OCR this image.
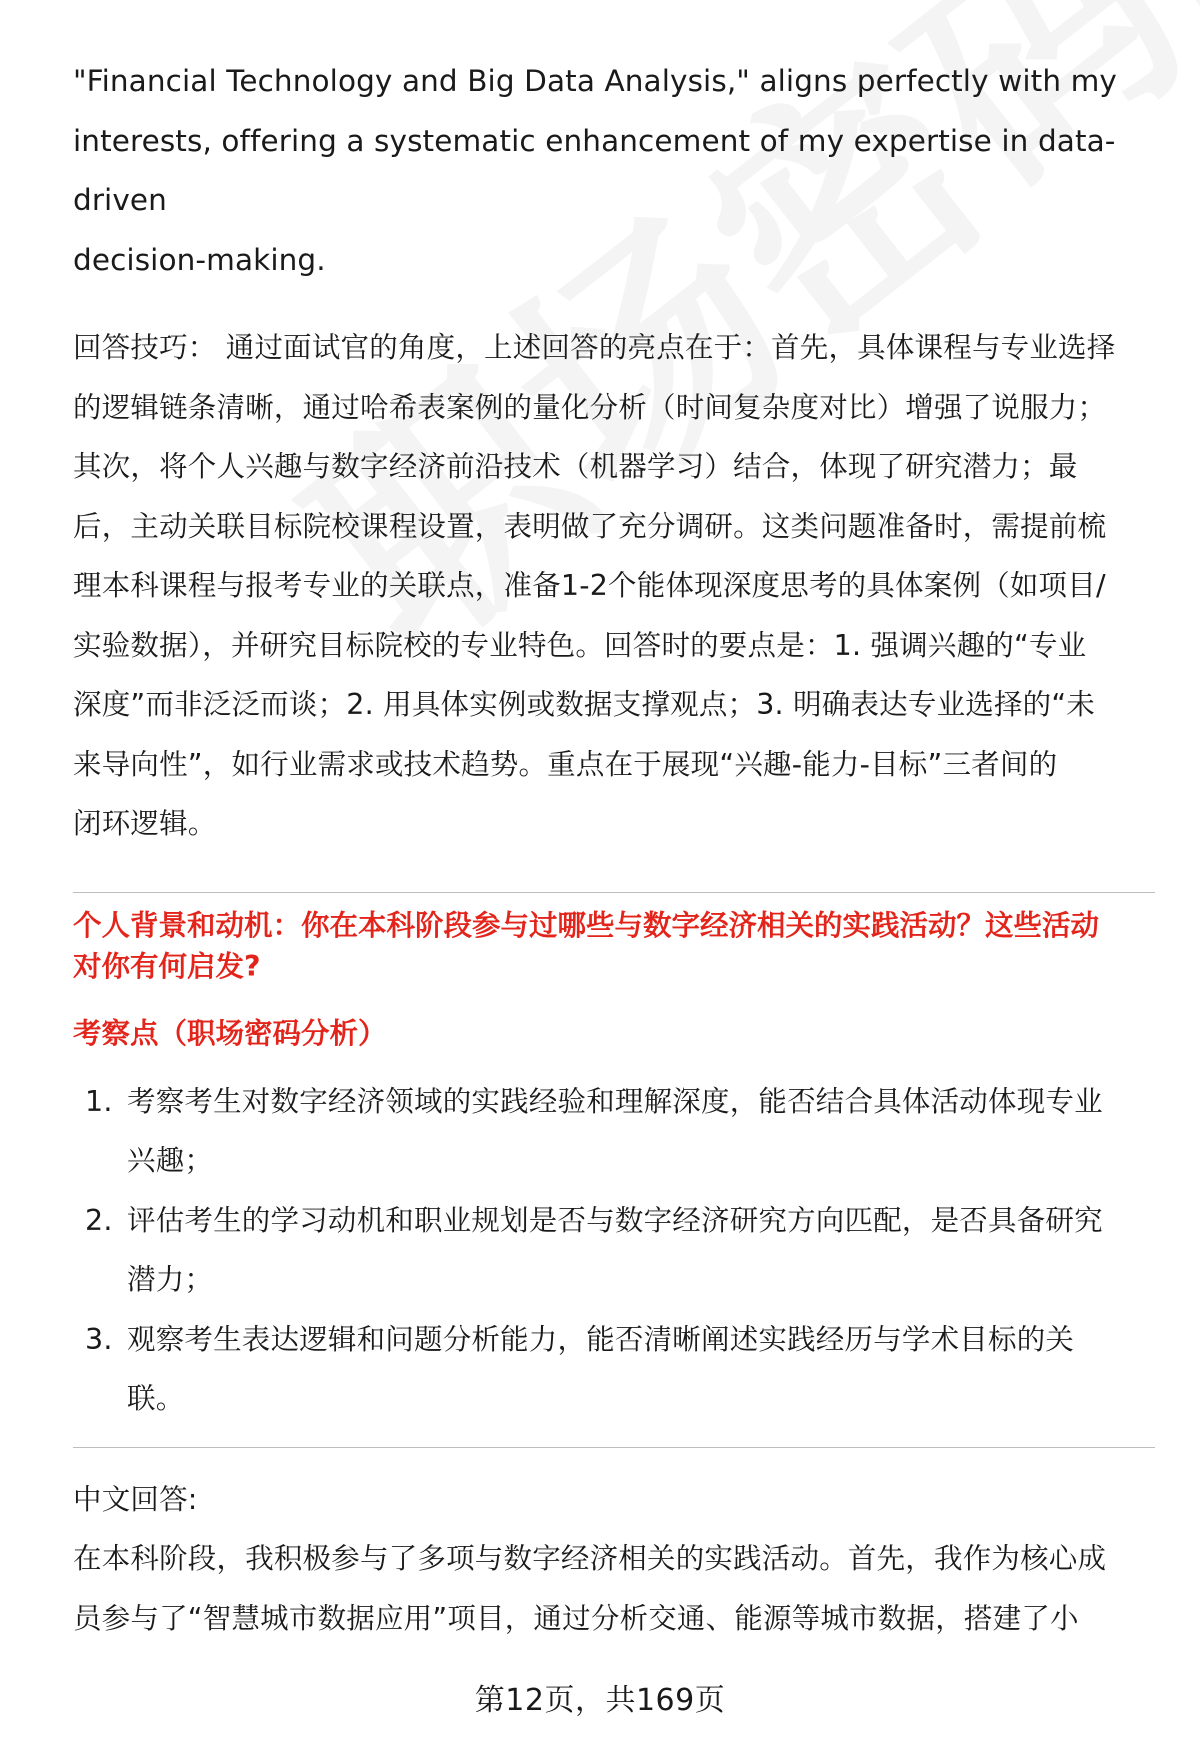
"Financial Technology and Big Data Analysis," aligns perfectly with my

interests, offering a systematic enhancement of my expertise in data-driven

decision-making.

回答技巧： 通过面试官的角度，上述回答的亮点在于：首先，具体课程与专业选择

的逻辑链条清晰，通过哈希表案例的量化分析（时间复杂度对比）增强了说服力；

其次，将个人兴趣与数字经济前沿技术（机器学习）结合，体现了研究潜力；最

后，主动关联目标院校课程设置，表明做了充分调研。这类问题准备时，需提前梳

理本科课程与报考专业的关联点，准备1-2个能体现深度思考的具体案例（如项目/

实验数据），并研究目标院校的专业特色。回答时的要点是：1. 强调兴趣的“专业

深度”而非泛泛而谈；2. 用具体实例或数据支撑观点；3. 明确表达专业选择的“未

来导向性”，如行业需求或技术趋势。重点在于展现“兴趣-能力-目标”三者间的

闭环逻辑。

个人背景和动机：你在本科阶段参与过哪些与数字经济相关的实践活动？这些活动

对你有何启发?

考察点（职场密码分析）

1. 考察考生对数字经济领域的实践经验和理解深度，能否结合具体活动体现专业
兴趣；
2. 评估考生的学习动机和职业规划是否与数字经济研究方向匹配，是否具备研究
潜力；
3. 观察考生表达逻辑和问题分析能力，能否清晰阐述实践经历与学术目标的关
联。

中文回答:

在本科阶段，我积极参与了多项与数字经济相关的实践活动。首先，我作为核心成

员参与了“智慧城市数据应用”项目，通过分析交通、能源等城市数据，搭建了小

第12页，共169页
